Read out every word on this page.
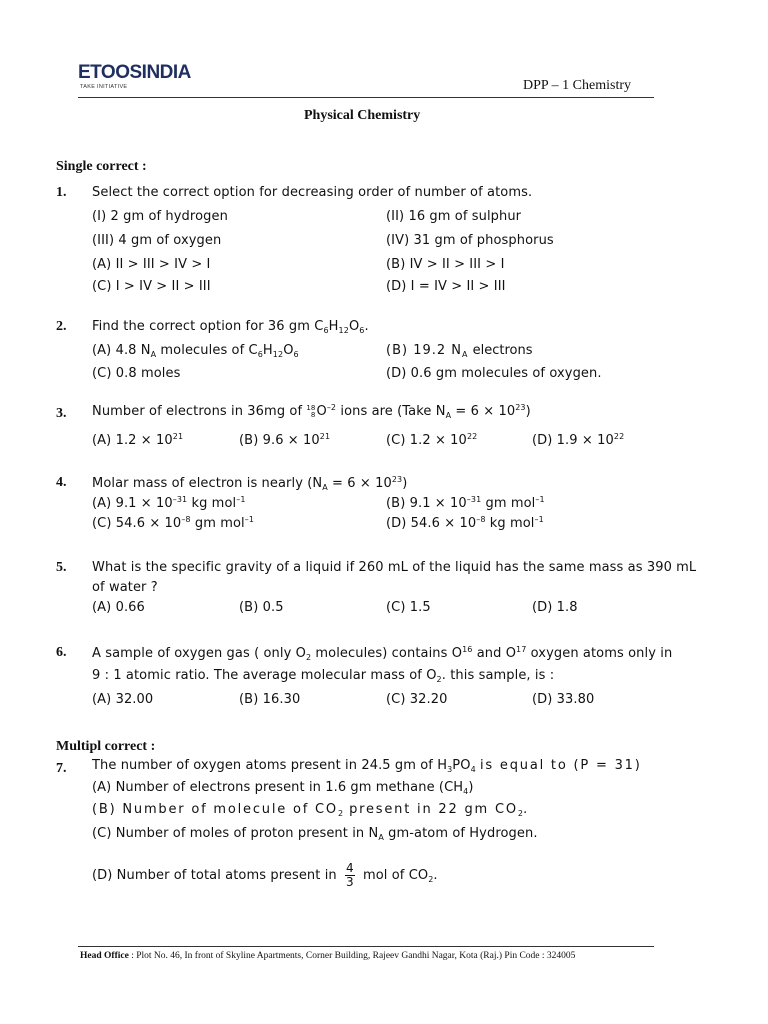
ETOOSINDIA
TAKE INITIATIVE	DPP – 1 Chemistry
Physical Chemistry
Single correct :
1. Select the correct option for decreasing order of number of atoms.
(I) 2 gm of hydrogen	(II) 16 gm of sulphur
(III) 4 gm of oxygen	(IV) 31 gm of phosphorus
(A) II > III > IV > I	(B) IV > II > III > I
(C) I > IV > II > III	(D) I = IV > II > III
2. Find the correct option for 36 gm $C_6H_{12}O_6$.
(A) 4.8 $N_A$ molecules of $C_6H_{12}O_6$	(B) 19.2 $N_A$ electrons
(C) 0.8 moles	(D) 0.6 gm molecules of oxygen.
3. Number of electrons in 36mg of 18
8 $O^{-2}$ ions are (Take $N_A = 6 \times 10^{23}$)
(A) $1.2 \times 10^{21}$	(B) $9.6 \times 10^{21}$	(C) $1.2 \times 10^{22}$	(D) $1.9 \times 10^{22}$
4. Molar mass of electron is nearly $(N_A = 6 \times 10^{23})$
(A) $9.1 \times 10^{-31}$ kg mol$^{-1}$	(B) $9.1 \times 10^{-31}$ gm mol$^{-1}$
(C) $54.6 \times 10^{-8}$ gm mol$^{-1}$	(D) $54.6 \times 10^{-8}$ kg mol$^{-1}$
5. What is the specific gravity of a liquid if 260 mL of the liquid has the same mass as 390 mL
of water ?
(A) 0.66	(B) 0.5	(C) 1.5	(D) 1.8
6. A sample of oxygen gas ( only $O_2$ molecules) contains $O^{16}$ and $O^{17}$ oxygen atoms only in
9 : 1 atomic ratio. The average molecular mass of $O_2$. this sample, is :
(A) 32.00	(B) 16.30	(C) 32.20	(D) 33.80
Multipl correct :
7. The number of oxygen atoms present in 24.5 gm of $H_3PO_4$ is equal to (P = 31)
(A) Number of electrons present in 1.6 gm methane $(CH_4)$
(B) Number of molecule of $CO_2$ present in 22 gm $CO_2$.
(C) Number of moles of proton present in $N_A$ gm-atom of Hydrogen.
(D) Number of total atoms present in $\frac{4}{3}$ mol of $CO_2$.
Head Office : Plot No. 46, In front of Skyline Apartments, Corner Building, Rajeev Gandhi Nagar, Kota (Raj.) Pin Code : 324005
